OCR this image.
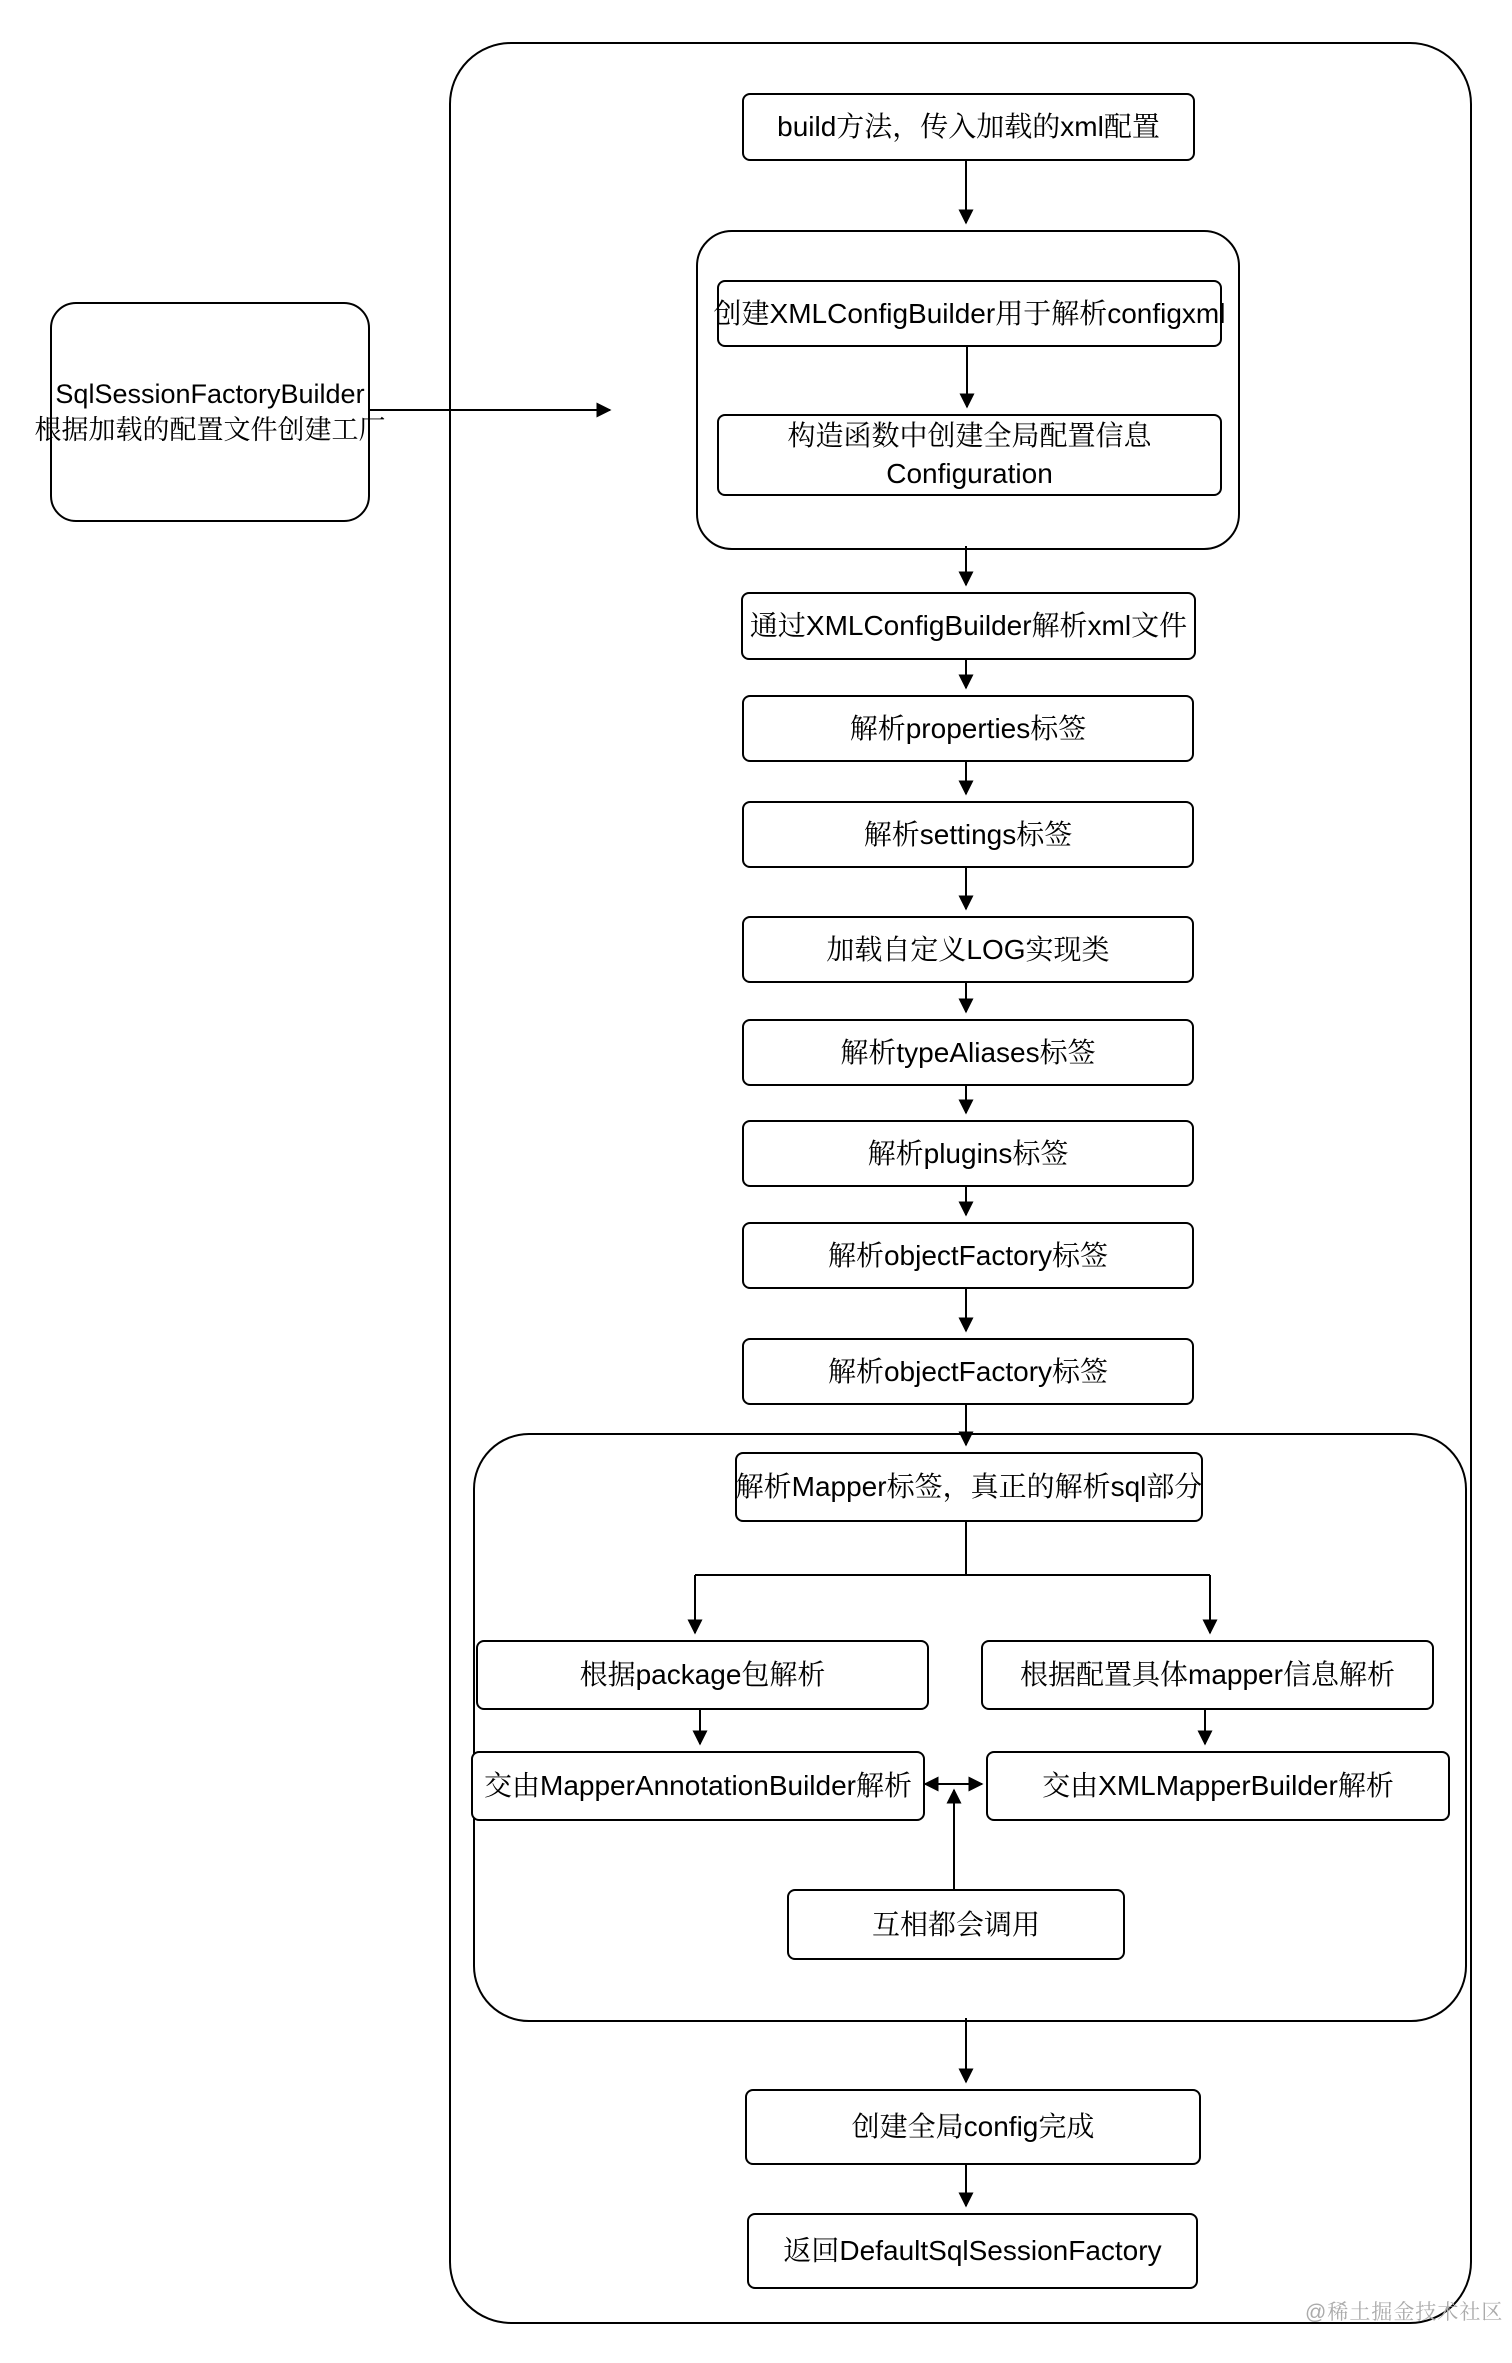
SqlSessionFactoryBuilder
根据加载的配置文件创建工厂
build方法，传入加载的xml配置
创建XMLConfigBuilder用于解析configxml
构造函数中创建全局配置信息
Configuration
通过XMLConfigBuilder解析xml文件
解析properties标签
解析settings标签
加载自定义LOG实现类
解析typeAliases标签
解析plugins标签
解析objectFactory标签
解析objectFactory标签
解析Mapper标签，真正的解析sql部分
根据package包解析	根据配置具体mapper信息解析
交由MapperAnnotationBuilder解析	交由XMLMapperBuilder解析
互相都会调用
创建全局config完成
返回DefaultSqlSessionFactory
@稀土掘金技术社区
